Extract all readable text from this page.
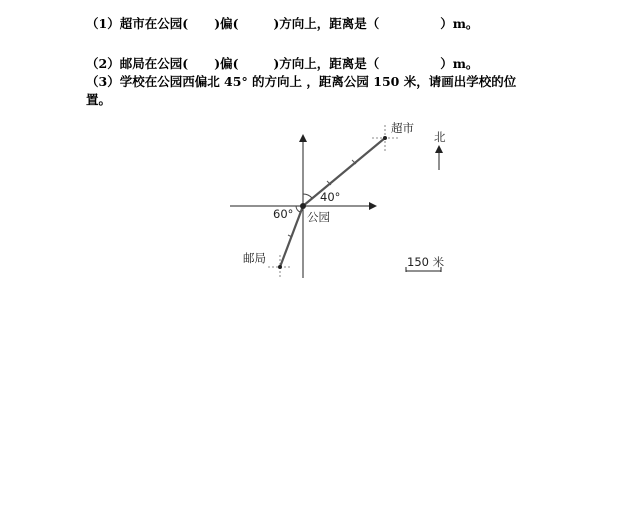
（1）超市在公园(      )偏(        )方向上，距离是（              ）m。
（2）邮局在公园(      )偏(        )方向上，距离是（              ）m。
（3）学校在公园西偏北 45° 的方向上 ，距离公园 150 米，请画出学校的位
置。
超市
北
40°
60° 公园
邮局	150 米
